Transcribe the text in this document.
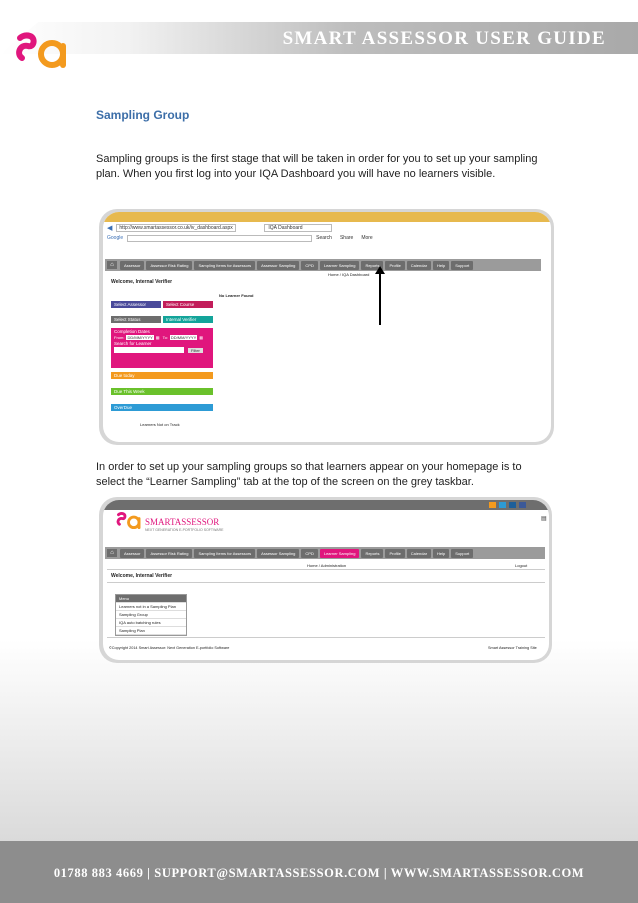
SMART ASSESSOR USER GUIDE
Sampling Group

Sampling groups is the first stage that will be taken in order for you to set up your sampling plan. When you first log into your IQA Dashboard you will have no learners visible.

◀	http://www.smartassessor.co.uk/iv_dashboard.aspx	IQA Dashboard
Google	Search Share More
⌂	Assessor	Assessor Risk Rating	Sampling Items for Assessors	Assessor Sampling	CPD	Learner Sampling	Reports	Profile	Calendar	Help	Support
Home / IQA Dashboard
Welcome, Internal Verifier
No Learner Found
Select Assessor	Select Course
Select Status	Internal Verifier
Completion Dates
From: DD/MM/YYYY ▦ To: DD/MM/YYYY ▦
Search for Learner
Filter
Due today
Due This Week
OverDue
Learners Not on Track

In order to set up your sampling groups so that learners appear on your homepage is to select the “Learner Sampling” tab at the top of the screen on the grey taskbar.

SMARTASSESSOR
NEXT GENERATION E-PORTFOLIO SOFTWARE
▤
⌂	Assessor	Assessor Risk Rating	Sampling Items for Assessors	Assessor Sampling	CPD	Learner Sampling	Reports	Profile	Calendar	Help	Support
Home / Administration	Logout
Welcome, Internal Verifier
©Copyright 2014 Smart Assessor: Next Generation E-portfolio Software	Smart Assessor Training Site
Menu
Learners not in a Sampling Plan
Sampling Group
IQA auto batching rules
Sampling Plan
01788 883 4669 | SUPPORT@SMARTASSESSOR.COM | WWW.SMARTASSESSOR.COM
